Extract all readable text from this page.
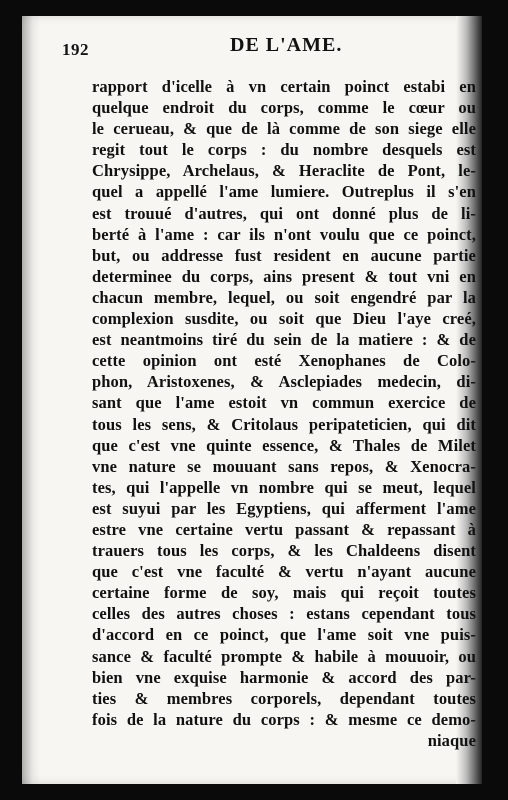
192	DE L'AME.
rapport d'icelle à vn certain poinct estabi en
quelque endroit du corps, comme le cœur ou
le cerueau, & que de là comme de son siege elle
regit tout le corps : du nombre desquels est
Chrysippe, Archelaus, & Heraclite de Pont, le-
quel a appellé l'ame lumiere. Outreplus il s'en
est trouué d'autres, qui ont donné plus de li-
berté à l'ame : car ils n'ont voulu que ce poinct,
but, ou addresse fust resident en aucune partie
determinee du corps, ains present & tout vni en
chacun membre, lequel, ou soit engendré par la
complexion susdite, ou soit que Dieu l'aye creé,
est neantmoins tiré du sein de la matiere : & de
cette opinion ont esté Xenophanes de Colo-
phon, Aristoxenes, & Asclepiades medecin, di-
sant que l'ame estoit vn commun exercice de
tous les sens, & Critolaus peripateticien, qui dit
que c'est vne quinte essence, & Thales de Milet
vne nature se mouuant sans repos, & Xenocra-
tes, qui l'appelle vn nombre qui se meut, lequel
est suyui par les Egyptiens, qui afferment l'ame
estre vne certaine vertu passant & repassant à
trauers tous les corps, & les Chaldeens disent
que c'est vne faculté & vertu n'ayant aucune
certaine forme de soy, mais qui reçoit toutes
celles des autres choses : estans cependant tous
d'accord en ce poinct, que l'ame soit vne puis-
sance & faculté prompte & habile à mouuoir, ou
bien vne exquise harmonie & accord des par-
ties & membres corporels, dependant toutes
fois de la nature du corps : & mesme ce demo-
niaque
